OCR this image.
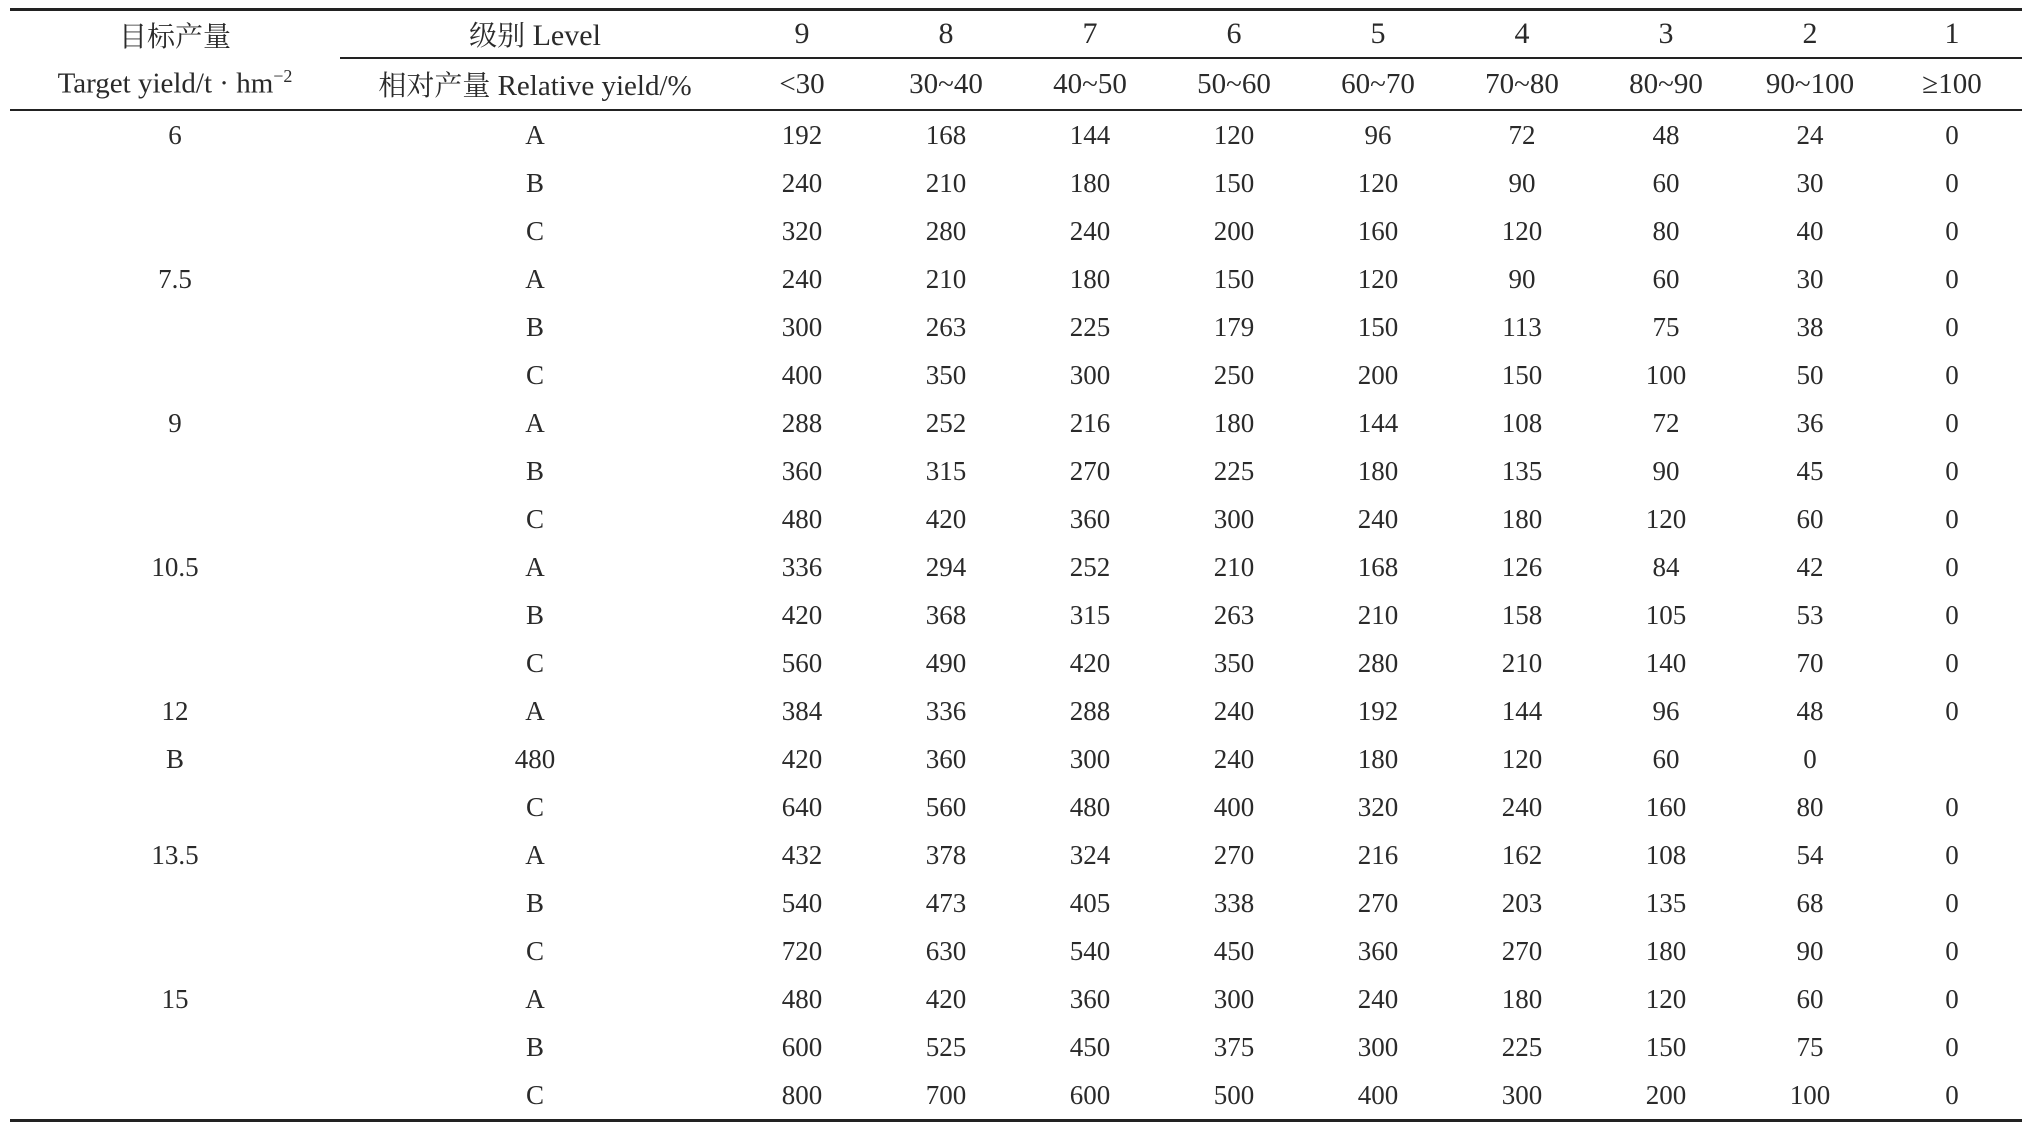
目标产量	级别 Level	9	8	7	6	5	4	3	2	1
Target yield/t · $hm^{-2}$	相对产量 Relative yield/%	<30	30~40	40~50	50~60	60~70	70~80	80~90	90~100	≥100
6	A	192	168	144	120	96	72	48	24	0
	B	240	210	180	150	120	90	60	30	0
	C	320	280	240	200	160	120	80	40	0
7.5	A	240	210	180	150	120	90	60	30	0
	B	300	263	225	179	150	113	75	38	0
	C	400	350	300	250	200	150	100	50	0
9	A	288	252	216	180	144	108	72	36	0
	B	360	315	270	225	180	135	90	45	0
	C	480	420	360	300	240	180	120	60	0
10.5	A	336	294	252	210	168	126	84	42	0
	B	420	368	315	263	210	158	105	53	0
	C	560	490	420	350	280	210	140	70	0
12	A	384	336	288	240	192	144	96	48	0
B	480	420	360	300	240	180	120	60	0	
	C	640	560	480	400	320	240	160	80	0
13.5	A	432	378	324	270	216	162	108	54	0
	B	540	473	405	338	270	203	135	68	0
	C	720	630	540	450	360	270	180	90	0
15	A	480	420	360	300	240	180	120	60	0
	B	600	525	450	375	300	225	150	75	0
	C	800	700	600	500	400	300	200	100	0
